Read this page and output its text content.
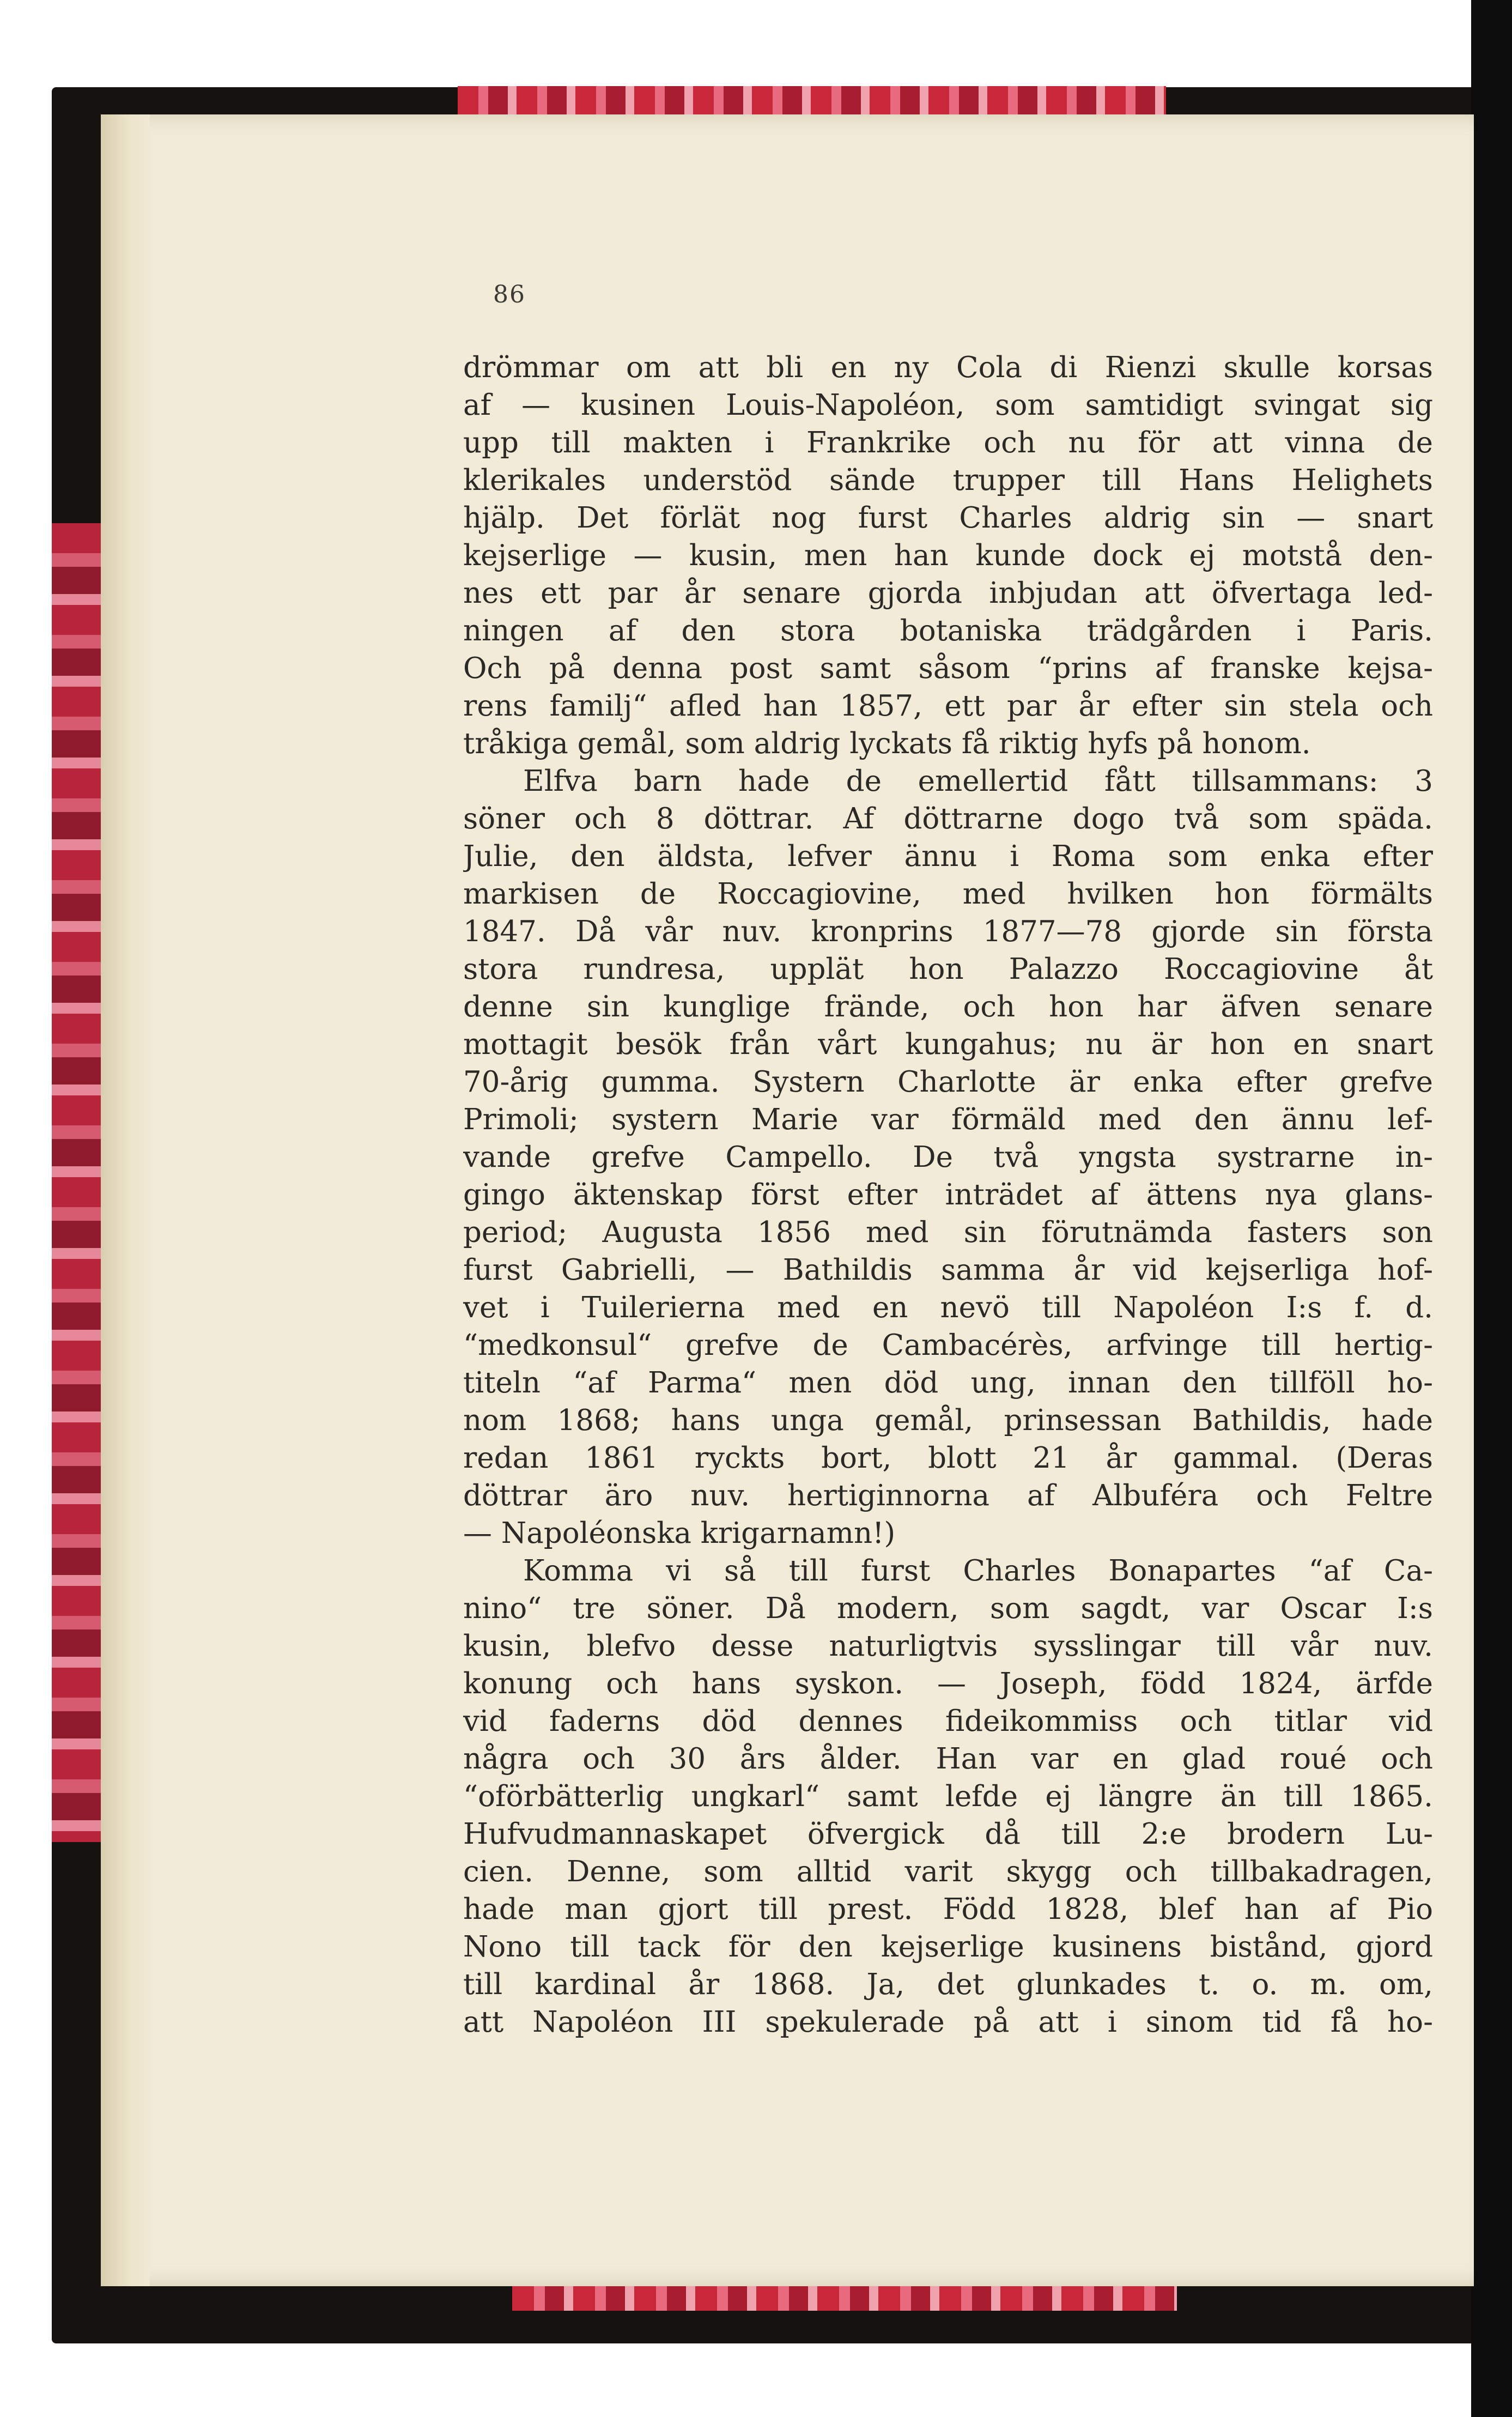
86
drömmar om att bli en ny Cola di Rienzi skulle korsas
af — kusinen Louis-Napoléon, som samtidigt svingat sig
upp till makten i Frankrike och nu för att vinna de
klerikales understöd sände trupper till Hans Helighets
hjälp. Det förlät nog furst Charles aldrig sin — snart
kejserlige — kusin, men han kunde dock ej motstå den-
nes ett par år senare gjorda inbjudan att öfvertaga led-
ningen af den stora botaniska trädgården i Paris.
Och på denna post samt såsom “prins af franske kejsa-
rens familj“ afled han 1857, ett par år efter sin stela och
tråkiga gemål, som aldrig lyckats få riktig hyfs på honom.
Elfva barn hade de emellertid fått tillsammans: 3
söner och 8 döttrar. Af döttrarne dogo två som späda.
Julie, den äldsta, lefver ännu i Roma som enka efter
markisen de Roccagiovine, med hvilken hon förmälts
1847. Då vår nuv. kronprins 1877—78 gjorde sin första
stora rundresa, upplät hon Palazzo Roccagiovine åt
denne sin kunglige frände, och hon har äfven senare
mottagit besök från vårt kungahus; nu är hon en snart
70-årig gumma. Systern Charlotte är enka efter grefve
Primoli; systern Marie var förmäld med den ännu lef-
vande grefve Campello. De två yngsta systrarne in-
gingo äktenskap först efter inträdet af ättens nya glans-
period; Augusta 1856 med sin förutnämda fasters son
furst Gabrielli, — Bathildis samma år vid kejserliga hof-
vet i Tuilerierna med en nevö till Napoléon I:s f. d.
“medkonsul“ grefve de Cambacérès, arfvinge till hertig-
titeln “af Parma“ men död ung, innan den tillföll ho-
nom 1868; hans unga gemål, prinsessan Bathildis, hade
redan 1861 ryckts bort, blott 21 år gammal. (Deras
döttrar äro nuv. hertiginnorna af Albuféra och Feltre
— Napoléonska krigarnamn!)
Komma vi så till furst Charles Bonapartes “af Ca-
nino“ tre söner. Då modern, som sagdt, var Oscar I:s
kusin, blefvo desse naturligtvis sysslingar till vår nuv.
konung och hans syskon. — Joseph, född 1824, ärfde
vid faderns död dennes fideikommiss och titlar vid
några och 30 års ålder. Han var en glad roué och
“oförbätterlig ungkarl“ samt lefde ej längre än till 1865.
Hufvudmannaskapet öfvergick då till 2:e brodern Lu-
cien. Denne, som alltid varit skygg och tillbakadragen,
hade man gjort till prest. Född 1828, blef han af Pio
Nono till tack för den kejserlige kusinens bistånd, gjord
till kardinal år 1868. Ja, det glunkades t. o. m. om,
att Napoléon III spekulerade på att i sinom tid få ho-
